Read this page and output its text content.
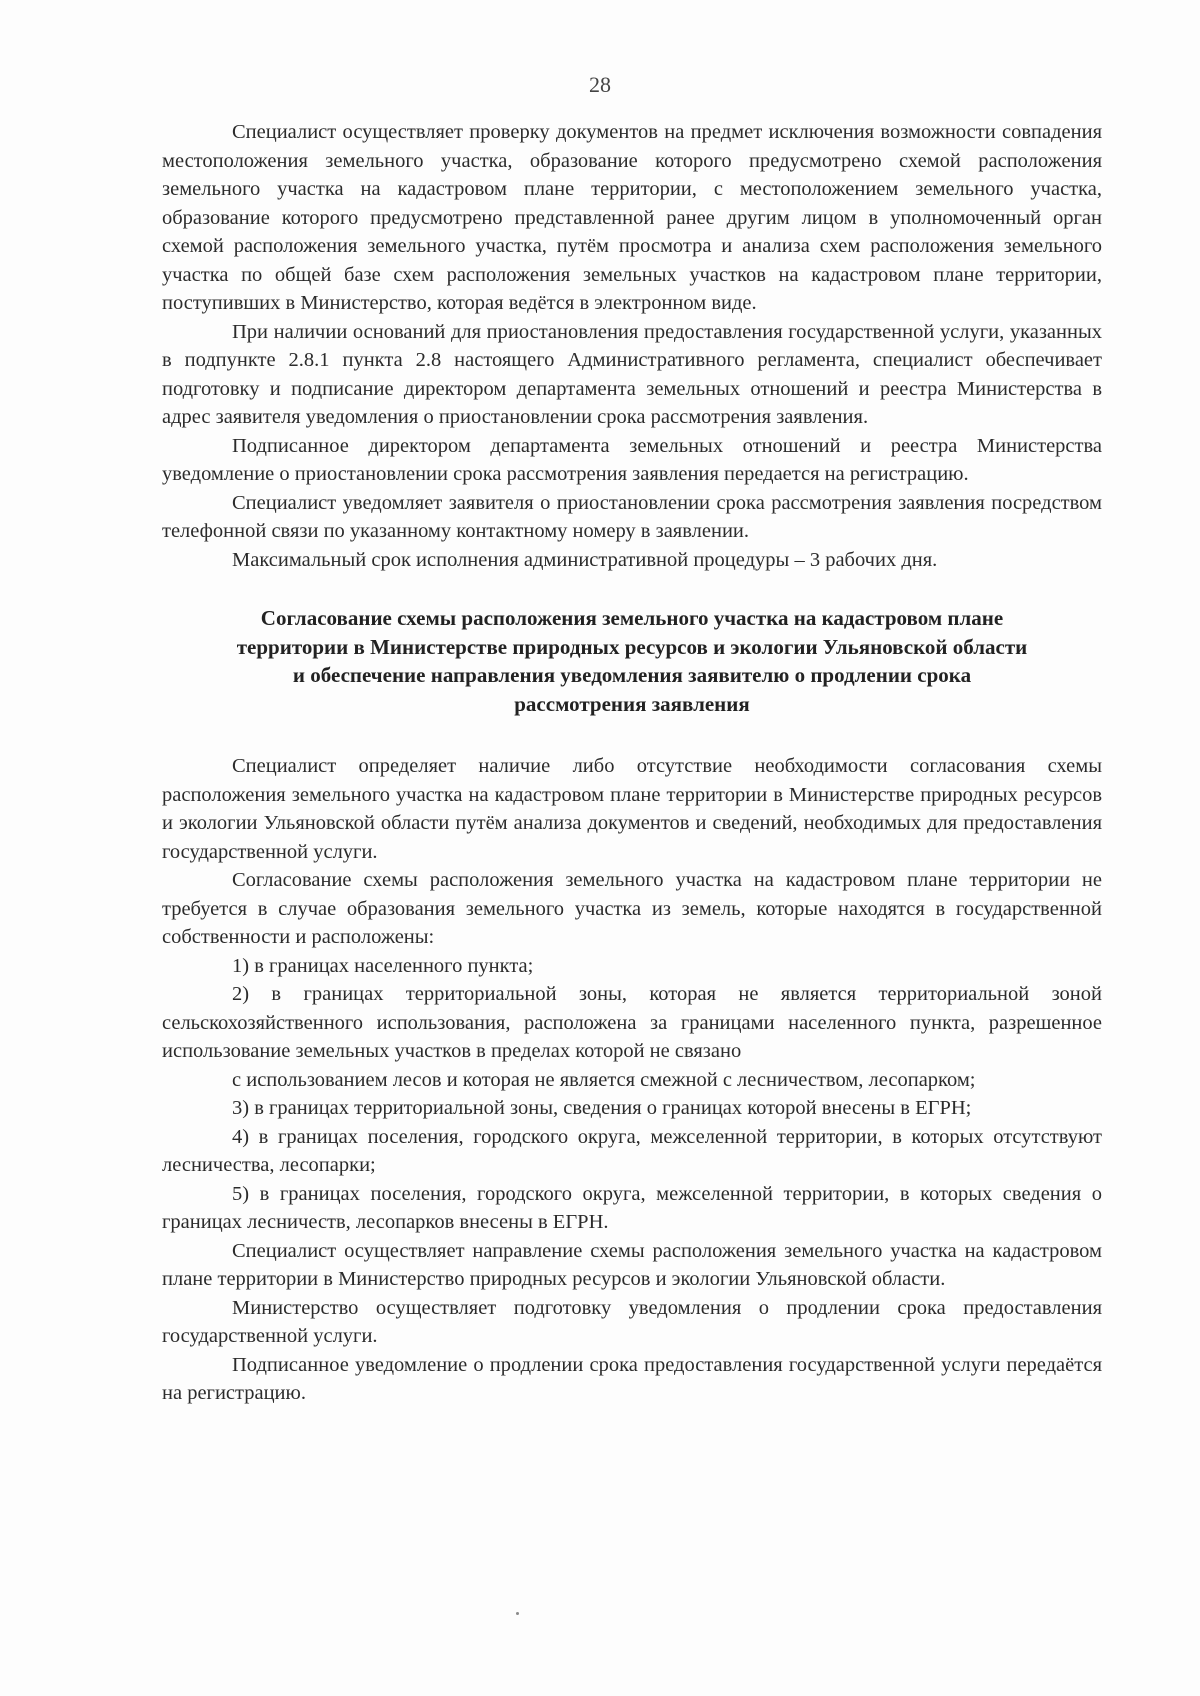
28

Специалист осуществляет проверку документов на предмет исключения возможности совпадения местоположения земельного участка, образование которого предусмотрено схемой расположения земельного участка на кадастровом плане территории, с местоположением земельного участка, образование которого предусмотрено представленной ранее другим лицом в уполномоченный орган схемой расположения земельного участка, путём просмотра и анализа схем расположения земельного участка по общей базе схем расположения земельных участков на кадастровом плане территории, поступивших в Министерство, которая ведётся в электронном виде.

При наличии оснований для приостановления предоставления государственной услуги, указанных в подпункте 2.8.1 пункта 2.8 настоящего Административного регламента, специалист обеспечивает подготовку и подписание директором департамента земельных отношений и реестра Министерства в адрес заявителя уведомления о приостановлении срока рассмотрения заявления.

Подписанное директором департамента земельных отношений и реестра Министерства уведомление о приостановлении срока рассмотрения заявления передается на регистрацию.

Специалист уведомляет заявителя о приостановлении срока рассмотрения заявления посредством телефонной связи по указанному контактному номеру в заявлении.

Максимальный срок исполнения административной процедуры – 3 рабочих дня.

Согласование схемы расположения земельного участка на кадастровом плане
территории в Министерстве природных ресурсов и экологии Ульяновской области
и обеспечение направления уведомления заявителю о продлении срока
рассмотрения заявления

Специалист определяет наличие либо отсутствие необходимости согласования схемы расположения земельного участка на кадастровом плане территории в Министерстве природных ресурсов и экологии Ульяновской области путём анализа документов и сведений, необходимых для предоставления государственной услуги.

Согласование схемы расположения земельного участка на кадастровом плане территории не требуется в случае образования земельного участка из земель, которые находятся в государственной собственности и расположены:

1) в границах населенного пункта;

2) в границах территориальной зоны, которая не является территориальной зоной сельскохозяйственного использования, расположена за границами населенного пункта, разрешенное использование земельных участков в пределах которой не связано

с использованием лесов и которая не является смежной с лесничеством, лесопарком;

3) в границах территориальной зоны, сведения о границах которой внесены в ЕГРН;

4) в границах поселения, городского округа, межселенной территории, в которых отсутствуют лесничества, лесопарки;

5) в границах поселения, городского округа, межселенной территории, в которых сведения о границах лесничеств, лесопарков внесены в ЕГРН.

Специалист осуществляет направление схемы расположения земельного участка на кадастровом плане территории в Министерство природных ресурсов и экологии Ульяновской области.

Министерство осуществляет подготовку уведомления о продлении срока предоставления государственной услуги.

Подписанное уведомление о продлении срока предоставления государственной услуги передаётся на регистрацию.
